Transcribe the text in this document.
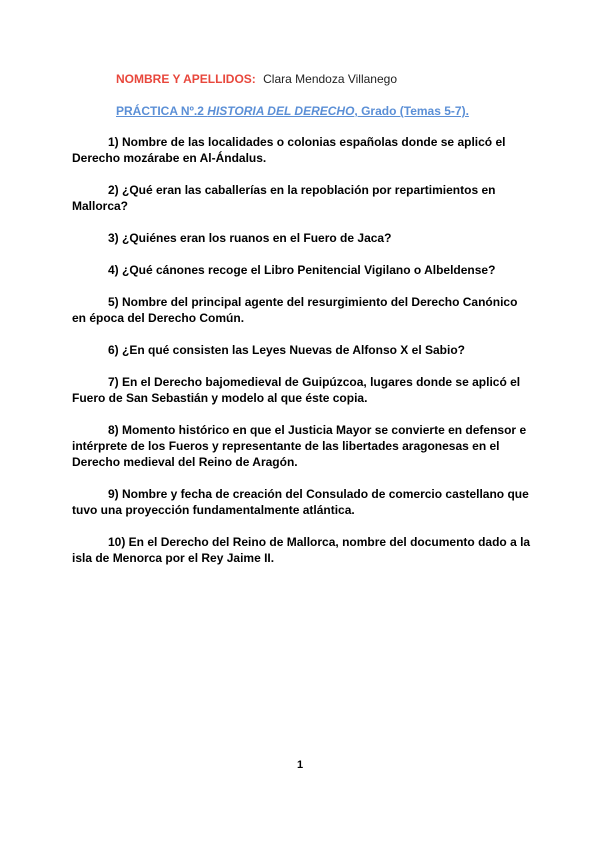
NOMBRE Y APELLIDOS: Clara Mendoza Villanego
PRÁCTICA Nº.2 HISTORIA DEL DERECHO, Grado (Temas 5-7).

1) Nombre de las localidades o colonias españolas donde se aplicó el Derecho mozárabe en Al-Ándalus.

2) ¿Qué eran las caballerías en la repoblación por repartimientos en Mallorca?

3) ¿Quiénes eran los ruanos en el Fuero de Jaca?

4) ¿Qué cánones recoge el Libro Penitencial Vigilano o Albeldense?

5) Nombre del principal agente del resurgimiento del Derecho Canónico en época del Derecho Común.

6) ¿En qué consisten las Leyes Nuevas de Alfonso X el Sabio?

7) En el Derecho bajomedieval de Guipúzcoa, lugares donde se aplicó el Fuero de San Sebastián y modelo al que éste copia.

8) Momento histórico en que el Justicia Mayor se convierte en defensor e intérprete de los Fueros y representante de las libertades aragonesas en el Derecho medieval del Reino de Aragón.

9) Nombre y fecha de creación del Consulado de comercio castellano que tuvo una proyección fundamentalmente atlántica.

10) En el Derecho del Reino de Mallorca, nombre del documento dado a la isla de Menorca por el Rey Jaime II.

1
